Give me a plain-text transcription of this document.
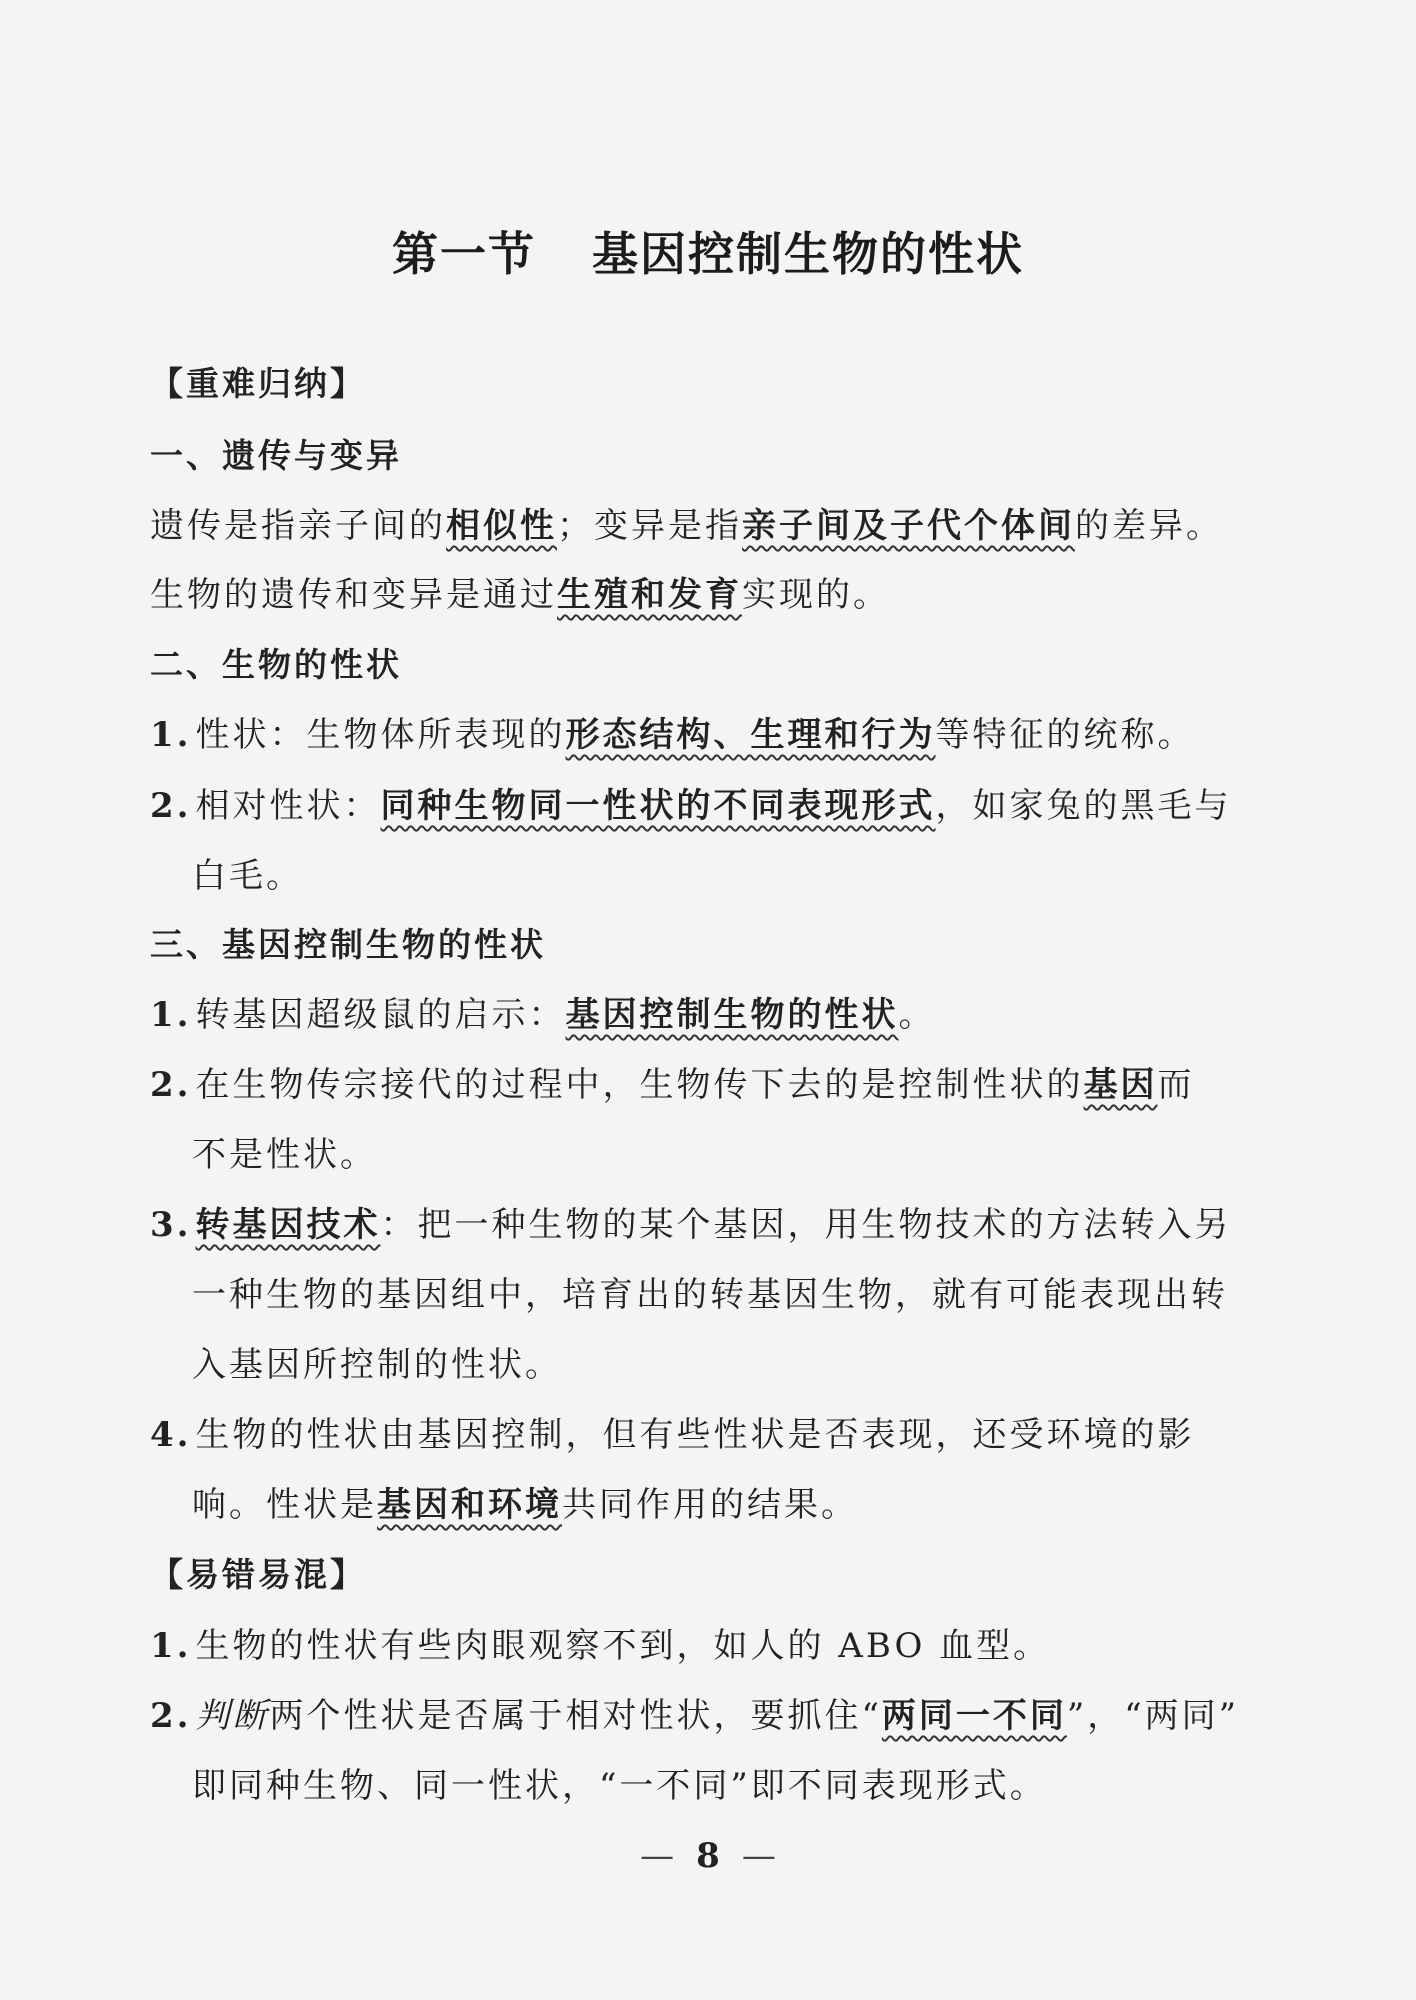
第一节 基因控制生物的性状
【重难归纳】
一、遗传与变异
遗传是指亲子间的相似性；变异是指亲子间及子代个体间的差异。
生物的遗传和变异是通过生殖和发育实现的。
二、生物的性状
1. 性状：生物体所表现的形态结构、生理和行为等特征的统称。
2. 相对性状：同种生物同一性状的不同表现形式，如家兔的黑毛与
白毛。
三、基因控制生物的性状
1. 转基因超级鼠的启示：基因控制生物的性状。
2. 在生物传宗接代的过程中，生物传下去的是控制性状的基因而
不是性状。
3. 转基因技术：把一种生物的某个基因，用生物技术的方法转入另
一种生物的基因组中，培育出的转基因生物，就有可能表现出转
入基因所控制的性状。
4. 生物的性状由基因控制，但有些性状是否表现，还受环境的影
响。性状是基因和环境共同作用的结果。
【易错易混】
1. 生物的性状有些肉眼观察不到，如人的 ABO 血型。
2. 判断两个性状是否属于相对性状，要抓住“两同一不同”，“两同”
即同种生物、同一性状，“一不同”即不同表现形式。
— 8 —
